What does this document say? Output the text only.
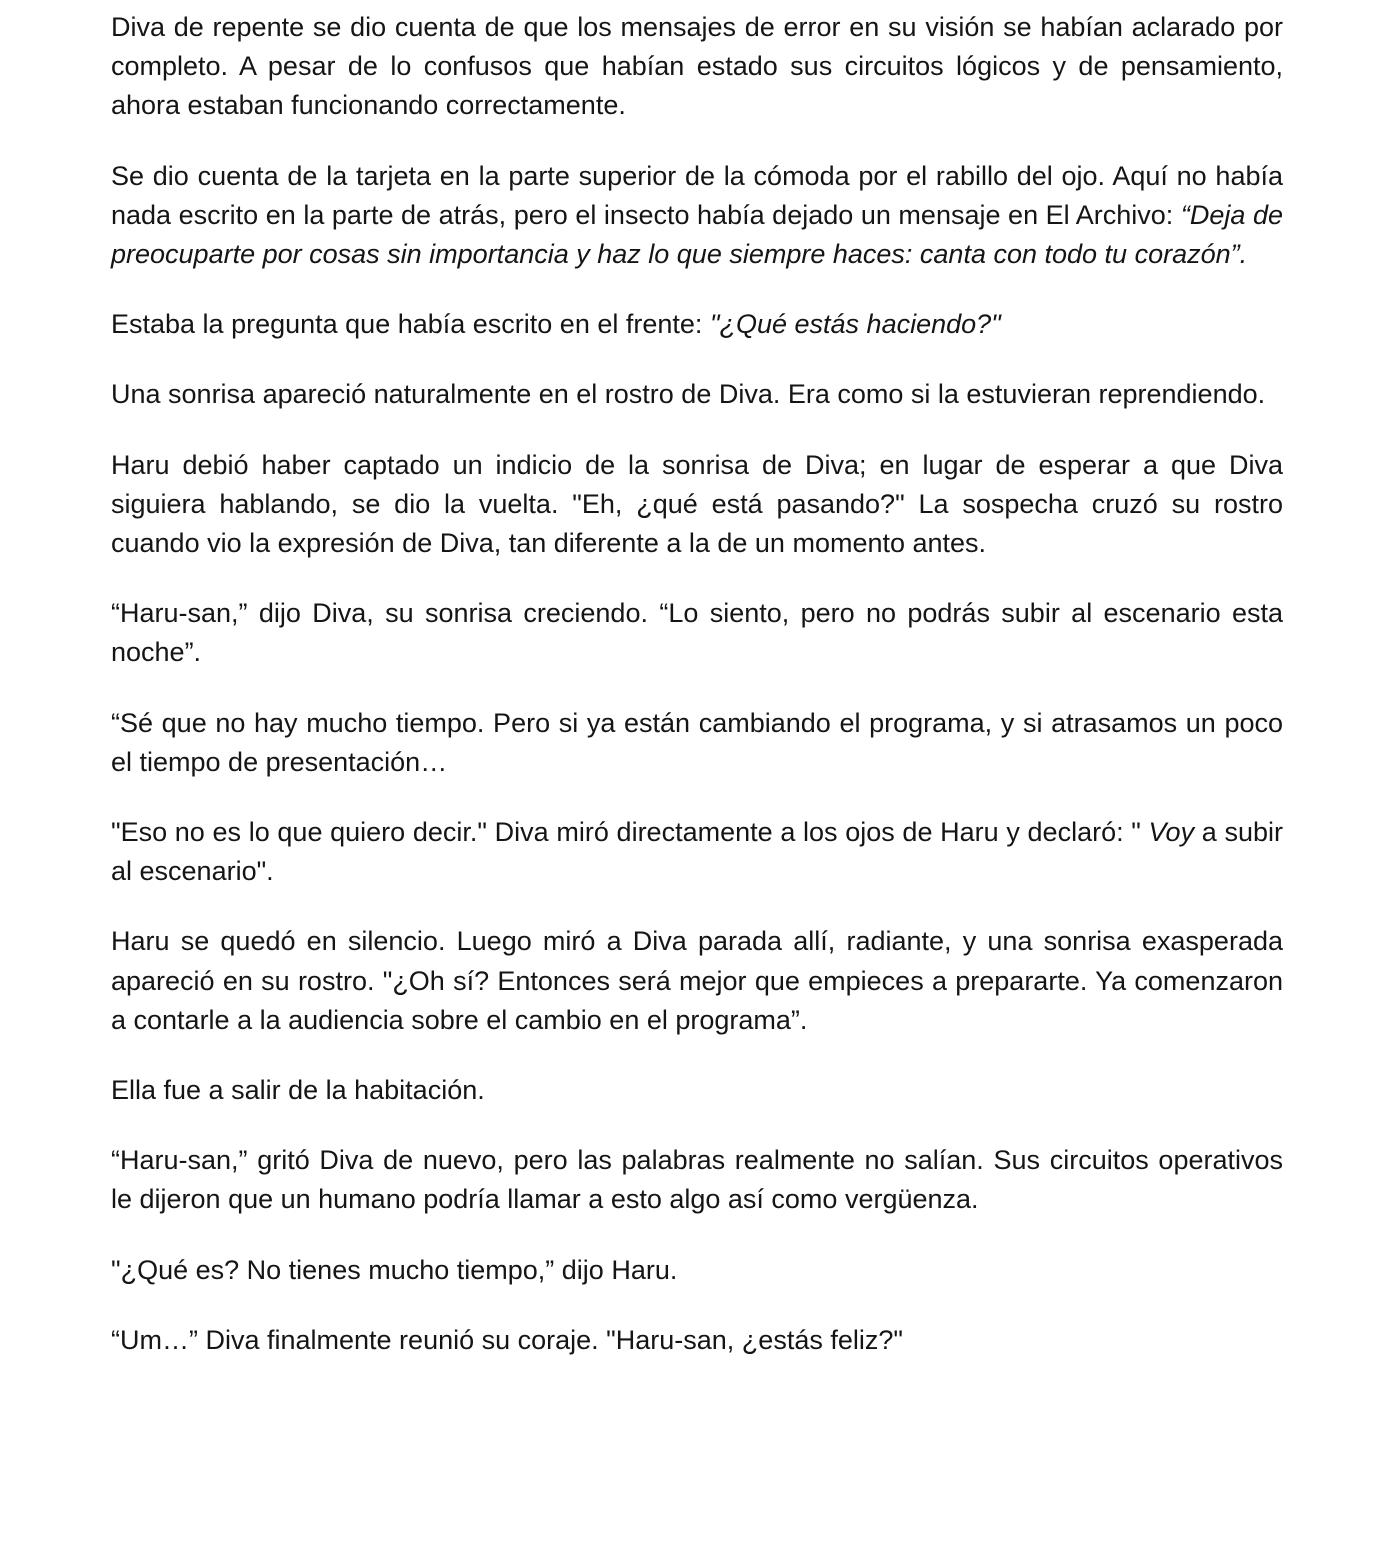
Diva de repente se dio cuenta de que los mensajes de error en su visión se habían aclarado por completo. A pesar de lo confusos que habían estado sus circuitos lógicos y de pensamiento, ahora estaban funcionando correctamente.

Se dio cuenta de la tarjeta en la parte superior de la cómoda por el rabillo del ojo. Aquí no había nada escrito en la parte de atrás, pero el insecto había dejado un mensaje en El Archivo: “Deja de preocuparte por cosas sin importancia y haz lo que siempre haces: canta con todo tu corazón”.

Estaba la pregunta que había escrito en el frente: "¿Qué estás haciendo?"

Una sonrisa apareció naturalmente en el rostro de Diva. Era como si la estuvieran reprendiendo.

Haru debió haber captado un indicio de la sonrisa de Diva; en lugar de esperar a que Diva siguiera hablando, se dio la vuelta. "Eh, ¿qué está pasando?" La sospecha cruzó su rostro cuando vio la expresión de Diva, tan diferente a la de un momento antes.

“Haru-san,” dijo Diva, su sonrisa creciendo. “Lo siento, pero no podrás subir al escenario esta noche”.

“Sé que no hay mucho tiempo. Pero si ya están cambiando el programa, y si atrasamos un poco el tiempo de presentación…

"Eso no es lo que quiero decir." Diva miró directamente a los ojos de Haru y declaró: " Voy a subir al escenario".

Haru se quedó en silencio. Luego miró a Diva parada allí, radiante, y una sonrisa exasperada apareció en su rostro. "¿Oh sí? Entonces será mejor que empieces a prepararte. Ya comenzaron a contarle a la audiencia sobre el cambio en el programa”.

Ella fue a salir de la habitación.

“Haru-san,” gritó Diva de nuevo, pero las palabras realmente no salían. Sus circuitos operativos le dijeron que un humano podría llamar a esto algo así como vergüenza.

"¿Qué es? No tienes mucho tiempo,” dijo Haru.

“Um…” Diva finalmente reunió su coraje. "Haru-san, ¿estás feliz?"
